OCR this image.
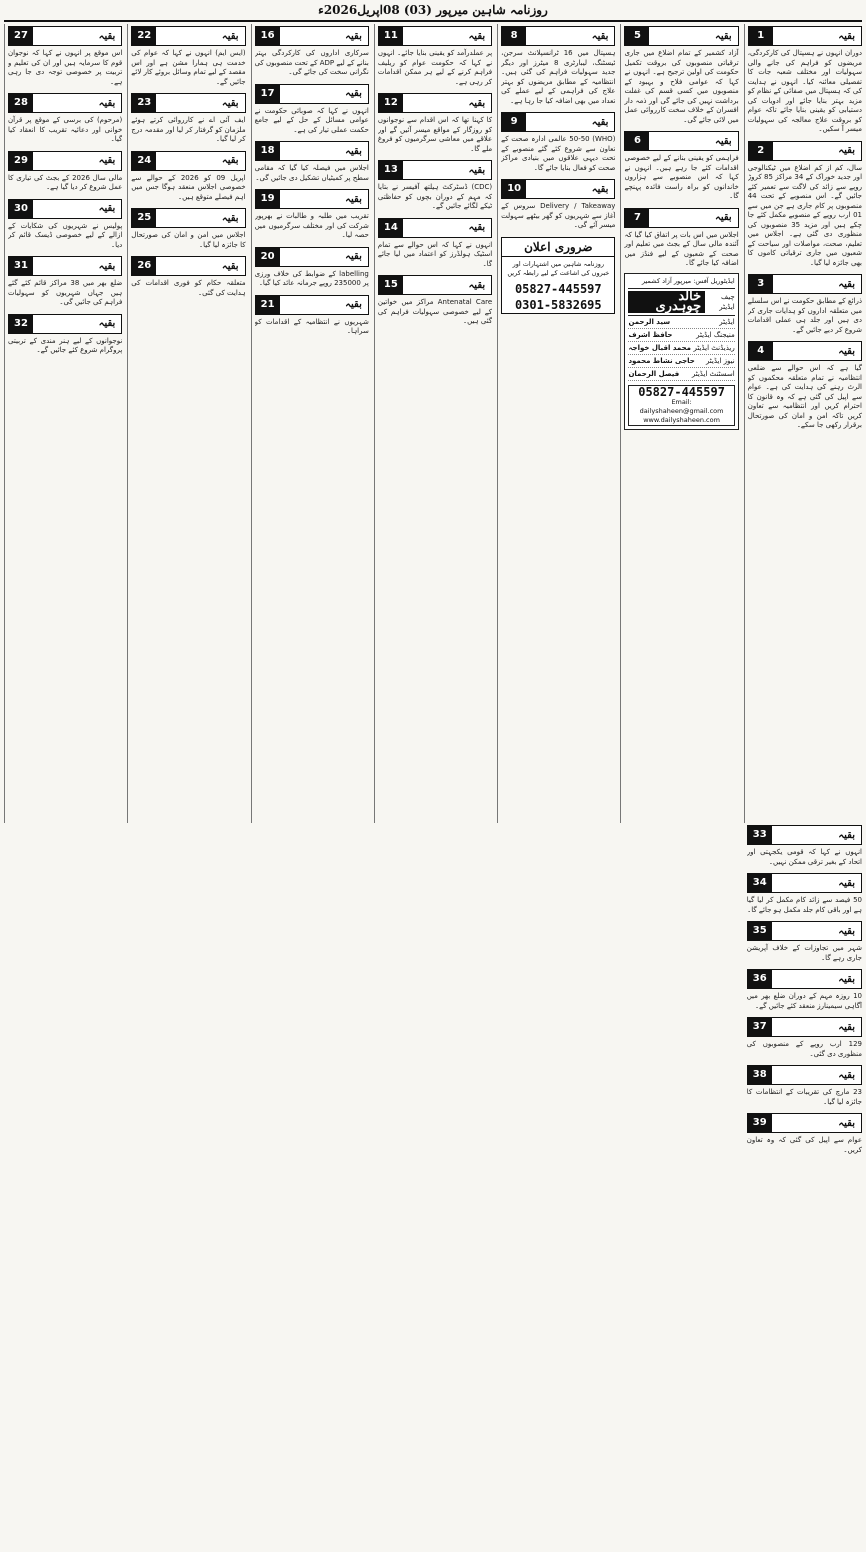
روزنامہ شاہین میرپور

(03)

08اپریل2026ء
بقیہ
1
دوران انہوں نے ہسپتال کی کارکردگی، مریضوں کو فراہم کی جانے والی سہولیات اور مختلف شعبہ جات کا تفصیلی معائنہ کیا۔ انہوں نے ہدایت کی کہ ہسپتال میں صفائی کے نظام کو مزید بہتر بنایا جائے اور ادویات کی دستیابی کو یقینی بنایا جائے تاکہ عوام کو بروقت علاج معالجہ کی سہولیات میسر آ سکیں۔
بقیہ
2
سال، کم از کم اضلاع میں ٹیکنالوجی اور جدید خوراک کے 34 مراکز 85 کروڑ روپے سے زائد کی لاگت سے تعمیر کئے جائیں گے۔ اس منصوبے کے تحت 44 منصوبوں پر کام جاری ہے جن میں سے 01 ارب روپے کے منصوبے مکمل کئے جا چکے ہیں اور مزید 35 منصوبوں کی منظوری دی گئی ہے۔ اجلاس میں تعلیم، صحت، مواصلات اور سیاحت کے شعبوں میں جاری ترقیاتی کاموں کا بھی جائزہ لیا گیا۔
بقیہ
3
ذرائع کے مطابق حکومت نے اس سلسلے میں متعلقہ اداروں کو ہدایات جاری کر دی ہیں اور جلد ہی عملی اقدامات شروع کر دیے جائیں گے۔
بقیہ
4
گیا ہے کہ اس حوالے سے ضلعی انتظامیہ نے تمام متعلقہ محکموں کو الرٹ رہنے کی ہدایت کی ہے۔ عوام سے اپیل کی گئی ہے کہ وہ قانون کا احترام کریں اور انتظامیہ سے تعاون کریں تاکہ امن و امان کی صورتحال برقرار رکھی جا سکے۔
بقیہ
5
آزاد کشمیر کے تمام اضلاع میں جاری ترقیاتی منصوبوں کی بروقت تکمیل حکومت کی اولین ترجیح ہے۔ انہوں نے کہا کہ عوامی فلاح و بہبود کے منصوبوں میں کسی قسم کی غفلت برداشت نہیں کی جائے گی اور ذمہ دار افسران کے خلاف سخت کارروائی عمل میں لائی جائے گی۔
بقیہ
6
فراہمی کو یقینی بنانے کے لیے خصوصی اقدامات کئے جا رہے ہیں۔ انہوں نے کہا کہ اس منصوبے سے ہزاروں خاندانوں کو براہ راست فائدہ پہنچے گا۔
بقیہ
7
اجلاس میں اس بات پر اتفاق کیا گیا کہ آئندہ مالی سال کے بجٹ میں تعلیم اور صحت کے شعبوں کے لیے فنڈز میں اضافہ کیا جائے گا۔
ایڈیٹوریل آفس: میرپور آزاد کشمیر
چیف ایڈیٹر
خالد چوہدری
ایڈیٹر
سید الرحمن
منیجنگ ایڈیٹر
حافظ اشرف
ریذیڈنٹ ایڈیٹر
محمد اقبال خواجہ
نیوز ایڈیٹر
حاجی نشاط محمود
اسسٹنٹ ایڈیٹر
فیصل الرحمان
05827-445597
Email: dailyshaheen@gmail.com
www.dailyshaheen.com
بقیہ
8
ہسپتال میں 16 ٹرانسپلانٹ سرجن، ٹیسٹنگ، لیبارٹری 8 میٹرز اور دیگر جدید سہولیات فراہم کی گئی ہیں۔ انتظامیہ کے مطابق مریضوں کو بہتر علاج کی فراہمی کے لیے عملے کی تعداد میں بھی اضافہ کیا جا رہا ہے۔
بقیہ
9
(WHO) 50-50 عالمی ادارہ صحت کے تعاون سے شروع کئے گئے منصوبے کے تحت دیہی علاقوں میں بنیادی مراکز صحت کو فعال بنایا جائے گا۔
بقیہ
10
Delivery / Takeaway سروس کے آغاز سے شہریوں کو گھر بیٹھے سہولت میسر آئے گی۔
ضروری اعلان
روزنامہ شاہین میں اشتہارات اور خبروں کی اشاعت کے لیے رابطہ کریں
05827-445597
0301-5832695
بقیہ
11
پر عملدرآمد کو یقینی بنایا جائے۔ انہوں نے کہا کہ حکومت عوام کو ریلیف فراہم کرنے کے لیے ہر ممکن اقدامات کر رہی ہے۔
بقیہ
12
کا کہنا تھا کہ اس اقدام سے نوجوانوں کو روزگار کے مواقع میسر آئیں گے اور علاقے میں معاشی سرگرمیوں کو فروغ ملے گا۔
بقیہ
13
(CDC) ڈسٹرکٹ ہیلتھ آفیسر نے بتایا کہ مہم کے دوران بچوں کو حفاظتی ٹیکے لگائے جائیں گے۔
بقیہ
14
انہوں نے کہا کہ اس حوالے سے تمام اسٹیک ہولڈرز کو اعتماد میں لیا جائے گا۔
بقیہ
15
Antenatal Care مراکز میں خواتین کے لیے خصوصی سہولیات فراہم کی گئی ہیں۔
بقیہ
16
سرکاری اداروں کی کارکردگی بہتر بنانے کے لیے ADP کے تحت منصوبوں کی نگرانی سخت کی جائے گی۔
بقیہ
17
انہوں نے کہا کہ صوبائی حکومت نے عوامی مسائل کے حل کے لیے جامع حکمت عملی تیار کی ہے۔
بقیہ
18
اجلاس میں فیصلہ کیا گیا کہ مقامی سطح پر کمیٹیاں تشکیل دی جائیں گی۔
بقیہ
19
تقریب میں طلبہ و طالبات نے بھرپور شرکت کی اور مختلف سرگرمیوں میں حصہ لیا۔
بقیہ
20
labelling کے ضوابط کی خلاف ورزی پر 235000 روپے جرمانہ عائد کیا گیا۔
بقیہ
21
شہریوں نے انتظامیہ کے اقدامات کو سراہا۔
بقیہ
22
(ایس ایم) انہوں نے کہا کہ عوام کی خدمت ہی ہمارا مشن ہے اور اس مقصد کے لیے تمام وسائل بروئے کار لائے جائیں گے۔
بقیہ
23
ایف آئی اے نے کارروائی کرتے ہوئے ملزمان کو گرفتار کر لیا اور مقدمہ درج کر لیا گیا۔
بقیہ
24
اپریل 09 کو 2026 کے حوالے سے خصوصی اجلاس منعقد ہوگا جس میں اہم فیصلے متوقع ہیں۔
بقیہ
25
اجلاس میں امن و امان کی صورتحال کا جائزہ لیا گیا۔
بقیہ
26
متعلقہ حکام کو فوری اقدامات کی ہدایت کی گئی۔
بقیہ
27
اس موقع پر انہوں نے کہا کہ نوجوان قوم کا سرمایہ ہیں اور ان کی تعلیم و تربیت پر خصوصی توجہ دی جا رہی ہے۔
بقیہ
28
(مرحوم) کی برسی کے موقع پر قرآن خوانی اور دعائیہ تقریب کا انعقاد کیا گیا۔
بقیہ
29
مالی سال 2026 کے بجٹ کی تیاری کا عمل شروع کر دیا گیا ہے۔
بقیہ
30
پولیس نے شہریوں کی شکایات کے ازالے کے لیے خصوصی ڈیسک قائم کر دیا۔
بقیہ
31
ضلع بھر میں 38 مراکز قائم کئے گئے ہیں جہاں شہریوں کو سہولیات فراہم کی جائیں گی۔
بقیہ
32
نوجوانوں کے لیے ہنر مندی کے تربیتی پروگرام شروع کئے جائیں گے۔
بقیہ
33
انہوں نے کہا کہ قومی یکجہتی اور اتحاد کے بغیر ترقی ممکن نہیں۔
بقیہ
34
50 فیصد سے زائد کام مکمل کر لیا گیا ہے اور باقی کام جلد مکمل ہو جائے گا۔
بقیہ
35
شہر میں تجاوزات کے خلاف آپریشن جاری رہے گا۔
بقیہ
36
10 روزہ مہم کے دوران ضلع بھر میں آگاہی سیمینارز منعقد کئے جائیں گے۔
بقیہ
37
129 ارب روپے کے منصوبوں کی منظوری دی گئی۔
بقیہ
38
23 مارچ کی تقریبات کے انتظامات کا جائزہ لیا گیا۔
بقیہ
39
عوام سے اپیل کی گئی کہ وہ تعاون کریں۔
